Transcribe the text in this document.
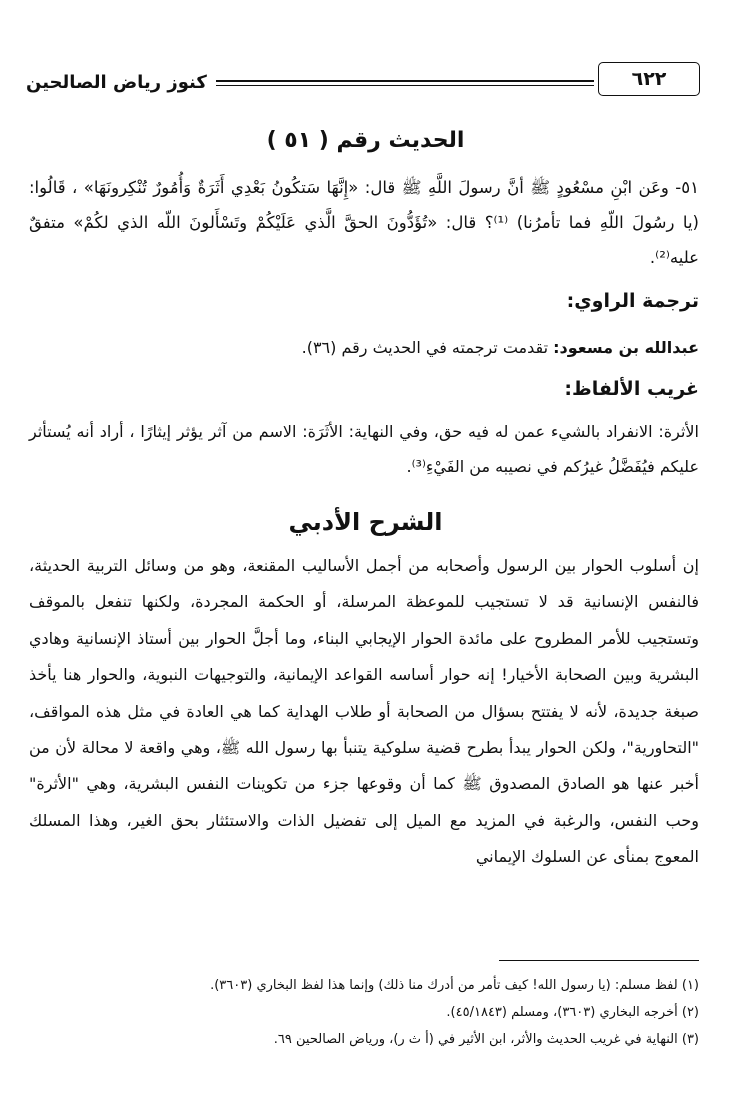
٦٢٢
كنوز رياض الصالحين
الحديث رقم ( ٥١ )

٥١- وعَن ابْنِ مسْعُودٍ ﷺ أنَّ رسولَ اللَّهِ ﷺ قال: «إِنَّهَا سَتكُونُ بَعْدِي أَثَرَةٌ وَأُمُورٌ تُنْكِرونَهَا» ، قَالُوا: (يا رسُولَ اللّهِ فما تأمرُنا) ⁽¹⁾؟ قال: «تُؤَدُّونَ الحقَّ الَّذي عَلَيْكُمْ وتَسْأَلونَ اللّه الذي لكُمْ» متفقٌ عليه⁽²⁾.

ترجمة الراوي:

عبدالله بن مسعود: تقدمت ترجمته في الحديث رقم (٣٦).

غريب الألفاظ:

الأثرة: الانفراد بالشيء عمن له فيه حق، وفي النهاية: الأثَرَة: الاسم من آثر يؤثر إيثارًا ، أراد أنه يُستأثر عليكم فيُفَضَّلُ غيرُكم في نصيبه من الفَيْءِ⁽³⁾.

الشرح الأدبي

إن أسلوب الحوار بين الرسول وأصحابه من أجمل الأساليب المقنعة، وهو من وسائل التربية الحديثة، فالنفس الإنسانية قد لا تستجيب للموعظة المرسلة، أو الحكمة المجردة، ولكنها تنفعل بالموقف وتستجيب للأمر المطروح على مائدة الحوار الإيجابي البناء، وما أجلَّ الحوار بين أستاذ الإنسانية وهادي البشرية وبين الصحابة الأخيار! إنه حوار أساسه القواعد الإيمانية، والتوجيهات النبوية، والحوار هنا يأخذ صبغة جديدة، لأنه لا يفتتح بسؤال من الصحابة أو طلاب الهداية كما هي العادة في مثل هذه المواقف، "التحاورية"، ولكن الحوار يبدأ بطرح قضية سلوكية يتنبأ بها رسول الله ﷺ، وهي واقعة لا محالة لأن من أخبر عنها هو الصادق المصدوق ﷺ كما أن وقوعها جزء من تكوينات النفس البشرية، وهي "الأثرة" وحب النفس، والرغبة في المزيد مع الميل إلى تفضيل الذات والاستئثار بحق الغير، وهذا المسلك المعوج بمنأى عن السلوك الإيماني

(١) لفظ مسلم: (يا رسول الله! كيف تأمر من أدرك منا ذلك) وإنما هذا لفظ البخاري (٣٦٠٣).

(٢) أخرجه البخاري (٣٦٠٣)، ومسلم (٤٥/١٨٤٣).

(٣) النهاية في غريب الحديث والأثر، ابن الأثير في (أ ث ر)، ورياض الصالحين ٦٩.
